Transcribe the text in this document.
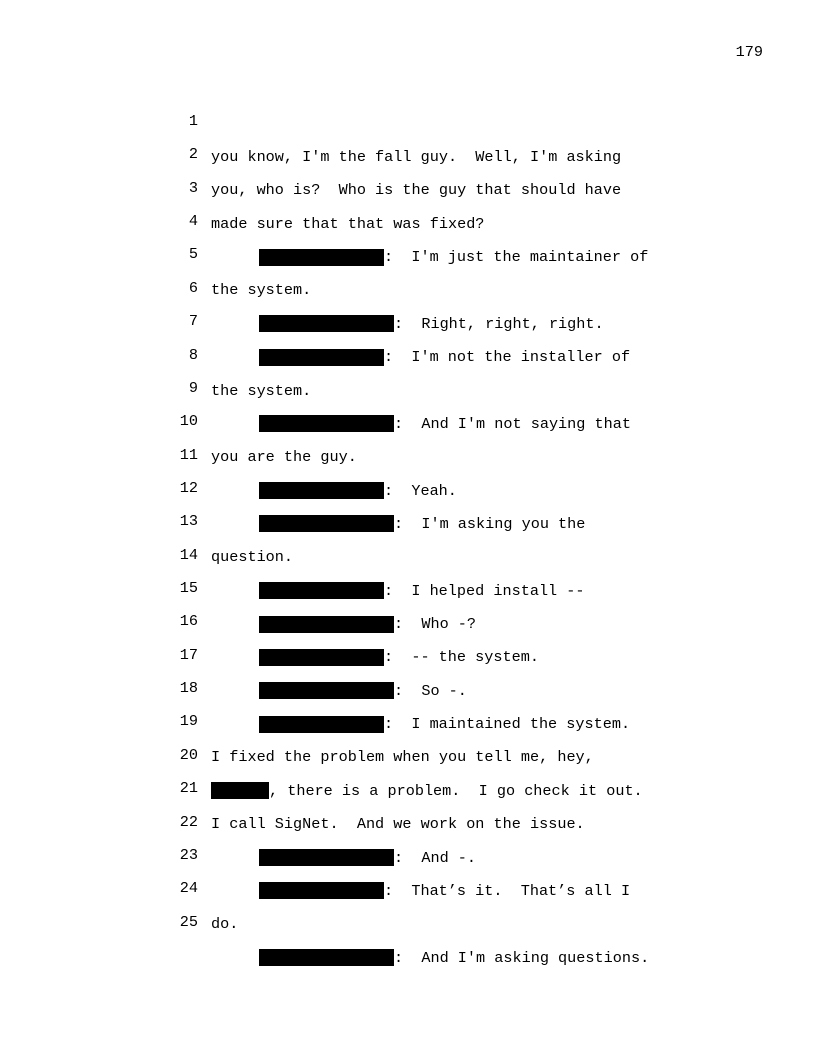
179

1

you know, I'm the fall guy.  Well, I'm asking

2

you, who is?  Who is the guy that should have

3

made sure that that was fixed?

4

:  I'm just the maintainer of

5

the system.

6

:  Right, right, right.

7

:  I'm not the installer of

8

the system.

9

:  And I'm not saying that

10

you are the guy.

11

:  Yeah.

12

:  I'm asking you the

13

question.

14

:  I helped install --

15

:  Who -?

16

:  -- the system.

17

:  So -.

18

:  I maintained the system.

19

I fixed the problem when you tell me, hey,

20

, there is a problem.  I go check it out.

21

I call SigNet.  And we work on the issue.

22

:  And -.

23

:  That’s it.  That’s all I

24

do.

25

:  And I'm asking questions.
